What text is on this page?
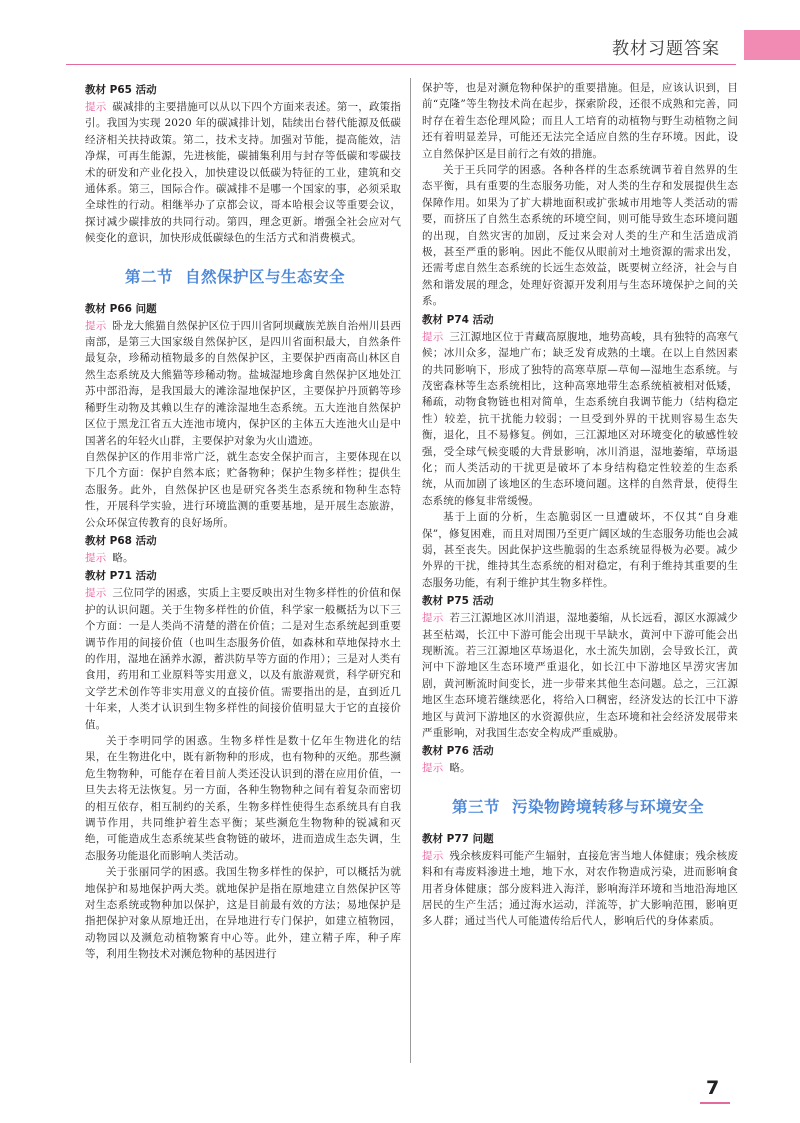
教材习题答案
教材 P65 活动

提示 碳减排的主要措施可以从以下四个方面来表述。第一，政策指引。我国为实现 2020 年的碳减排计划，陆续出台替代能源及低碳经济相关扶持政策。第二，技术支持。加强对节能，提高能效，洁净煤，可再生能源，先进核能，碳捕集利用与封存等低碳和零碳技术的研发和产业化投入，加快建设以低碳为特征的工业，建筑和交通体系。第三，国际合作。碳减排不是哪一个国家的事，必须采取全球性的行动。相继举办了京都会议，哥本哈根会议等重要会议，探讨减少碳排放的共同行动。第四，理念更新。增强全社会应对气候变化的意识，加快形成低碳绿色的生活方式和消费模式。

第二节 自然保护区与生态安全
教材 P66 问题

提示 卧龙大熊猫自然保护区位于四川省阿坝藏族羌族自治州川县西南部，是第三大国家级自然保护区，是四川省面积最大，自然条件最复杂，珍稀动植物最多的自然保护区，主要保护西南高山林区自然生态系统及大熊猫等珍稀动物。盐城湿地珍禽自然保护区地处江苏中部沿海，是我国最大的滩涂湿地保护区，主要保护丹顶鹤等珍稀野生动物及其赖以生存的滩涂湿地生态系统。五大连池自然保护区位于黑龙江省五大连池市境内，保护区的主体五大连池火山是中国著名的年轻火山群，主要保护对象为火山遗迹。

自然保护区的作用非常广泛，就生态安全保护而言，主要体现在以下几个方面：保护自然本底；贮备物种；保护生物多样性；提供生态服务。此外，自然保护区也是研究各类生态系统和物种生态特性，开展科学实验，进行环境监测的重要基地，是开展生态旅游，公众环保宣传教育的良好场所。

教材 P68 活动

提示 略。

教材 P71 活动

提示 三位同学的困惑，实质上主要反映出对生物多样性的价值和保护的认识问题。关于生物多样性的价值，科学家一般概括为以下三个方面：一是人类尚不清楚的潜在价值；二是对生态系统起到重要调节作用的间接价值（也叫生态服务价值，如森林和草地保持水土的作用，湿地在涵养水源，蓄洪防旱等方面的作用）；三是对人类有食用，药用和工业原料等实用意义，以及有旅游观赏，科学研究和文学艺术创作等非实用意义的直接价值。需要指出的是，直到近几十年来，人类才认识到生物多样性的间接价值明显大于它的直接价值。

关于李明同学的困惑。生物多样性是数十亿年生物进化的结果，在生物进化中，既有新物种的形成，也有物种的灭绝。那些濒危生物物种，可能存在着目前人类还没认识到的潜在应用价值，一旦失去将无法恢复。另一方面，各种生物物种之间有着复杂而密切的相互依存，相互制约的关系，生物多样性使得生态系统具有自我调节作用，共同维护着生态平衡；某些濒危生物物种的锐减和灭绝，可能造成生态系统某些食物链的破坏，进而造成生态失调，生态服务功能退化而影响人类活动。

关于张丽同学的困惑。我国生物多样性的保护，可以概括为就地保护和易地保护两大类。就地保护是指在原地建立自然保护区等对生态系统或物种加以保护，这是目前最有效的方法；易地保护是指把保护对象从原地迁出，在异地进行专门保护，如建立植物园，动物园以及濒危动植物繁育中心等。此外，建立精子库，种子库等，利用生物技术对濒危物种的基因进行

保护等，也是对濒危物种保护的重要措施。但是，应该认识到，目前“克隆”等生物技术尚在起步，探索阶段，还很不成熟和完善，同时存在着生态伦理风险；而且人工培育的动植物与野生动植物之间还有着明显差异，可能还无法完全适应自然的生存环境。因此，设立自然保护区是目前行之有效的措施。

关于王兵同学的困惑。各种各样的生态系统调节着自然界的生态平衡，具有重要的生态服务功能，对人类的生存和发展提供生态保障作用。如果为了扩大耕地面积或扩张城市用地等人类活动的需要，而挤压了自然生态系统的环境空间，则可能导致生态环境问题的出现，自然灾害的加剧，反过来会对人类的生产和生活造成消极，甚至严重的影响。因此不能仅从眼前对土地资源的需求出发，还需考虑自然生态系统的长远生态效益，既要树立经济，社会与自然和谐发展的理念，处理好资源开发利用与生态环境保护之间的关系。

教材 P74 活动

提示 三江源地区位于青藏高原腹地，地势高峻，具有独特的高寒气候；冰川众多，湿地广布；缺乏发育成熟的土壤。在以上自然因素的共同影响下，形成了独特的高寒草原—草甸—湿地生态系统。与茂密森林等生态系统相比，这种高寒地带生态系统植被相对低矮，稀疏，动物食物链也相对简单，生态系统自我调节能力（结构稳定性）较差，抗干扰能力较弱；一旦受到外界的干扰则容易生态失衡，退化，且不易修复。例如，三江源地区对环境变化的敏感性较强，受全球气候变暖的大背景影响，冰川消退，湿地萎缩，草场退化；而人类活动的干扰更是破坏了本身结构稳定性较差的生态系统，从而加剧了该地区的生态环境问题。这样的自然背景，使得生态系统的修复非常缓慢。

基于上面的分析，生态脆弱区一旦遭破坏，不仅其“自身难保”，修复困难，而且对周围乃至更广阔区域的生态服务功能也会减弱，甚至丧失。因此保护这些脆弱的生态系统显得极为必要。减少外界的干扰，维持其生态系统的相对稳定，有利于维持其重要的生态服务功能，有利于维护其生物多样性。

教材 P75 活动

提示 若三江源地区冰川消退，湿地萎缩，从长远看，源区水源减少甚至枯竭，长江中下游可能会出现干旱缺水，黄河中下游可能会出现断流。若三江源地区草场退化，水土流失加剧，会导致长江，黄河中下游地区生态环境严重退化，如长江中下游地区旱涝灾害加剧，黄河断流时间变长，进一步带来其他生态问题。总之，三江源地区生态环境若继续恶化，将给入口稠密，经济发达的长江中下游地区与黄河下游地区的水资源供应，生态环境和社会经济发展带来严重影响，对我国生态安全构成严重威胁。

教材 P76 活动

提示 略。

第三节 污染物跨境转移与环境安全
教材 P77 问题

提示 残余核废料可能产生辐射，直接危害当地人体健康；残余核废料和有毒废料渗进土地，地下水，对农作物造成污染，进而影响食用者身体健康；部分废料进入海洋，影响海洋环境和当地沿海地区居民的生产生活；通过海水运动，洋流等，扩大影响范围，影响更多人群；通过当代人可能遗传给后代人，影响后代的身体素质。

7
